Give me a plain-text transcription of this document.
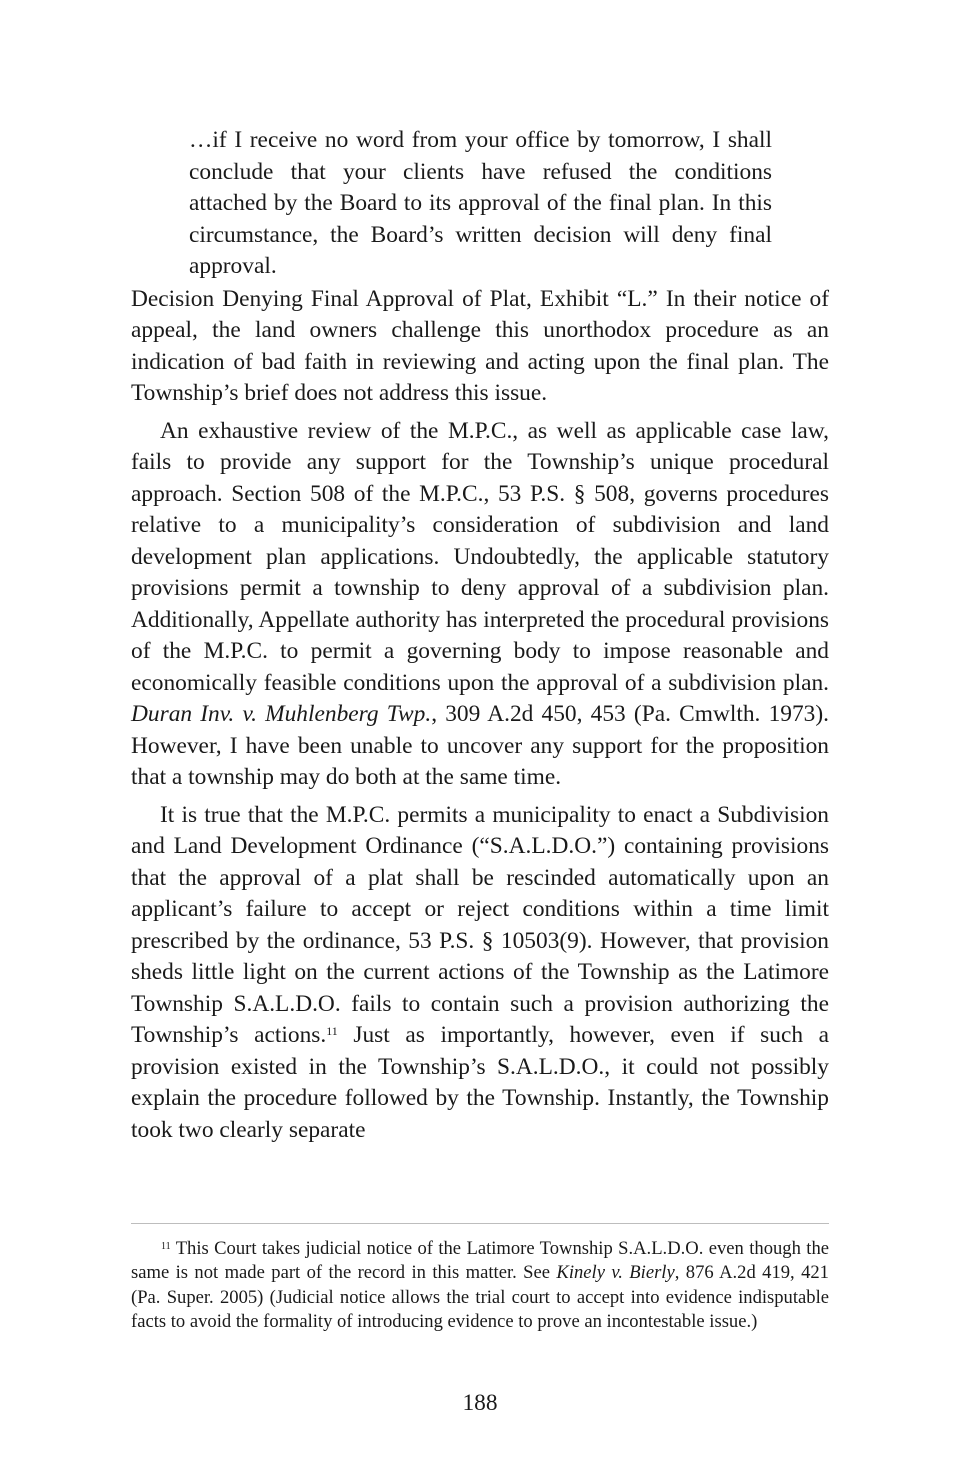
…if I receive no word from your office by tomorrow, I shall conclude that your clients have refused the conditions attached by the Board to its approval of the final plan. In this circumstance, the Board’s written decision will deny final approval.

Decision Denying Final Approval of Plat, Exhibit “L.” In their notice of appeal, the land owners challenge this unorthodox procedure as an indication of bad faith in reviewing and acting upon the final plan. The Township’s brief does not address this issue.

An exhaustive review of the M.P.C., as well as applicable case law, fails to provide any support for the Township’s unique procedural approach. Section 508 of the M.P.C., 53 P.S. § 508, governs procedures relative to a municipality’s consideration of subdivision and land development plan applications. Undoubtedly, the applicable statutory provisions permit a township to deny approval of a subdivision plan. Additionally, Appellate authority has interpreted the procedural provisions of the M.P.C. to permit a governing body to impose reasonable and economically feasible conditions upon the approval of a subdivision plan. Duran Inv. v. Muhlenberg Twp., 309 A.2d 450, 453 (Pa. Cmwlth. 1973). However, I have been unable to uncover any support for the proposition that a township may do both at the same time.

It is true that the M.P.C. permits a municipality to enact a Subdivision and Land Development Ordinance (“S.A.L.D.O.”) containing provisions that the approval of a plat shall be rescinded automatically upon an applicant’s failure to accept or reject conditions within a time limit prescribed by the ordinance, 53 P.S. § 10503(9). However, that provision sheds little light on the current actions of the Township as the Latimore Township S.A.L.D.O. fails to contain such a provision authorizing the Township’s actions.$^{11}$ Just as importantly, however, even if such a provision existed in the Township’s S.A.L.D.O., it could not possibly explain the procedure followed by the Township. Instantly, the Township took two clearly separate

$^{11}$ This Court takes judicial notice of the Latimore Township S.A.L.D.O. even though the same is not made part of the record in this matter. See Kinely v. Bierly, 876 A.2d 419, 421 (Pa. Super. 2005) (Judicial notice allows the trial court to accept into evidence indisputable facts to avoid the formality of introducing evidence to prove an incontestable issue.)

188
